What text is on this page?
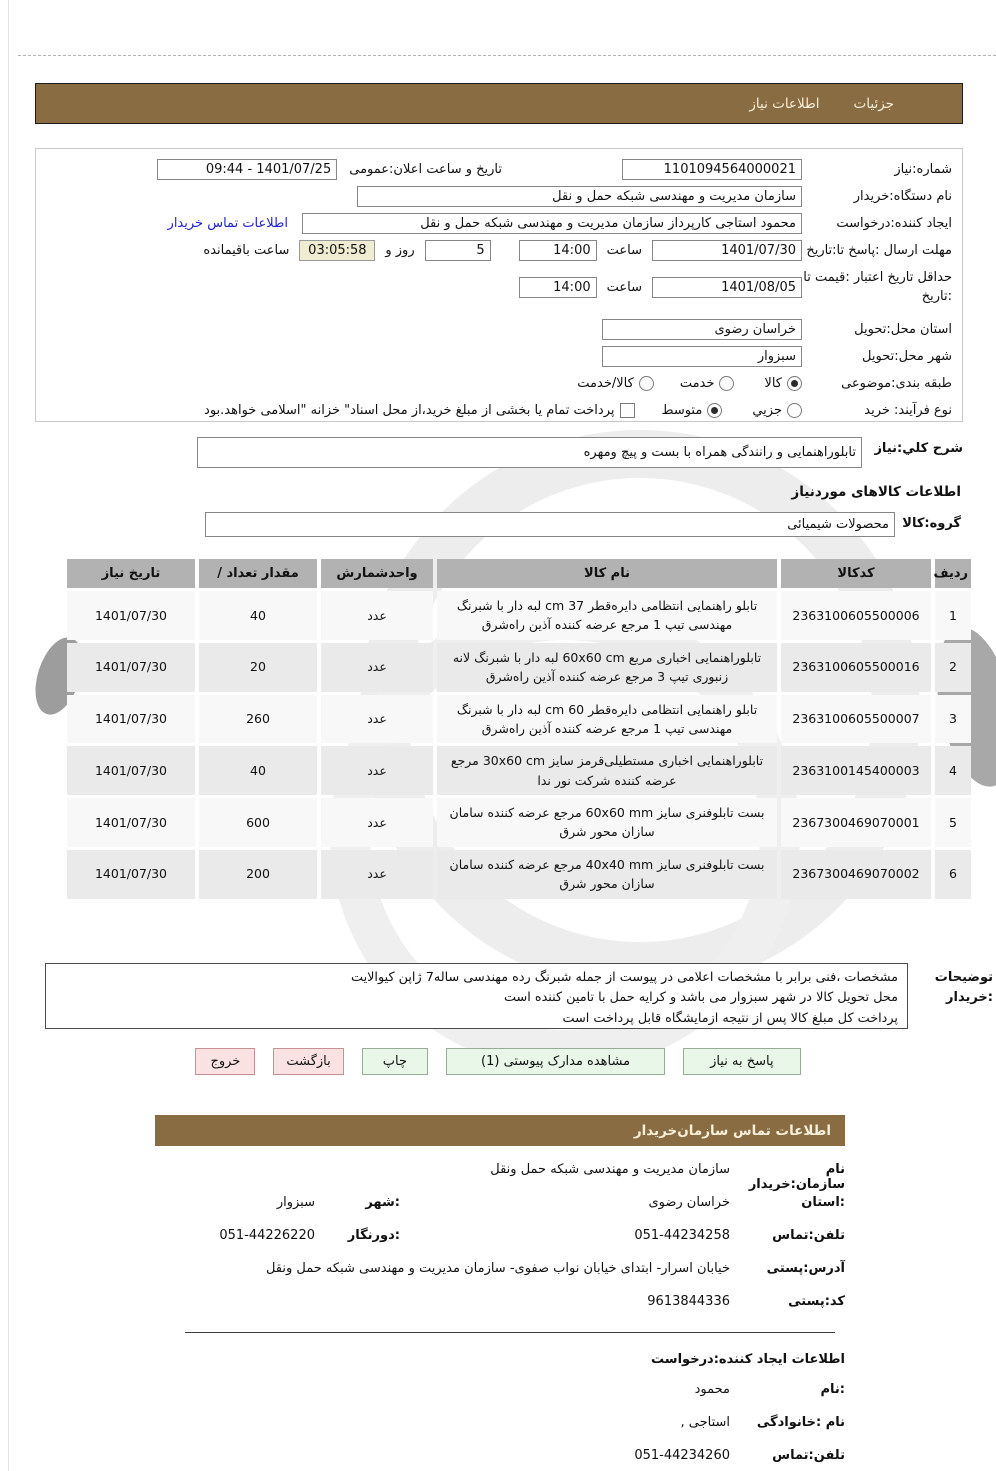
جزئیات
اطلاعات نیاز
شماره:نیاز
1101094564000021
تاریخ و ساعت اعلان:عمومی
1401/07/25 - 09:44
نام دستگاه:خریدار
سازمان مدیریت و مهندسی شبکه حمل و نقل
ایجاد کننده:درخواست
محمود استاجی کارپرداز سازمان مدیریت و مهندسی شبکه حمل و نقل
اطلاعات تماس خریدار
مهلت ارسال :پاسخ تا:تاریخ
1401/07/30
ساعت
14:00
5
روز و
03:05:58
ساعت باقیمانده
حداقل تاریخ اعتبار :قیمت تا
:تاریخ
1401/08/05
ساعت
14:00
استان محل:تحویل
خراسان رضوی
شهر محل:تحویل
سبزوار
طبقه بندی:موضوعی
کالا
خدمت
کالا/خدمت
نوع فرآیند: خرید
جزيي
متوسط
پرداخت تمام یا بخشی از مبلغ خرید،از محل اسناد" خزانه "اسلامی خواهد.بود
شرح کلي:نیاز
تابلوراهنمایی و رانندگی همراه با بست و پیچ ومهره
اطلاعات کالاهای موردنیاز
گروه:کالا
محصولات شیمیائی
ردیف	کدکالا	نام کالا	واحدشمارش	مقدار تعداد /	تاریخ نیاز
1	2363100605500006	تابلو راهنمایی انتظامی دایره‌قطر 37 cm لبه دار با شبرنگ مهندسی تیپ 1 مرجع عرضه کننده آذین راه‌شرق	عدد	40	1401/07/30
2	2363100605500016	تابلوراهنمایی اخباری مربع 60x60 cm لبه دار با شبرنگ لانه زنبوری تیپ 3 مرجع عرضه کننده آذین راه‌شرق	عدد	20	1401/07/30
3	2363100605500007	تابلو راهنمایی انتظامی دایره‌قطر 60 cm لبه دار با شبرنگ مهندسی تیپ 1 مرجع عرضه کننده آذین راه‌شرق	عدد	260	1401/07/30
4	2363100145400003	تابلوراهنمایی اخباری مستطیلی‌قرمز سایز 30x60 cm مرجع عرضه کننده شرکت نور ندا	عدد	40	1401/07/30
5	2367300469070001	بست تابلوفنری سایز 60x60 mm مرجع عرضه کننده سامان سازان محور شرق	عدد	600	1401/07/30
6	2367300469070002	بست تابلوفنری سایز 40x40 mm مرجع عرضه کننده سامان سازان محور شرق	عدد	200	1401/07/30
توضیحات :خریدار
مشخصات ،فنی برابر با مشخصات اعلامی در پیوست از جمله شبرنگ رده مهندسی ساله7 ژاپن کیوالایت
محل تحویل کالا در شهر سبزوار می باشد و کرایه حمل با تامین کننده است
پرداخت کل مبلغ کالا پس از نتیجه ازمایشگاه قابل پرداخت است
پاسخ به نیاز
مشاهده مدارک پیوستی (1)
چاپ
بازگشت
خروج
اطلاعات تماس سازمان‌خریدار
نام سازمان:خریدار
سازمان مدیریت و مهندسی شبکه حمل ونقل
:استان
خراسان رضوی
:شهر
سبزوار
تلفن:تماس
051-44234258
:دورنگار
051-44226220
آدرس:پستی
خیابان اسرار- ابتدای خیابان نواب صفوی- سازمان مدیریت و مهندسی شبکه حمل ونقل
کد:پستی
9613844336
اطلاعات ایجاد کننده:درخواست
:نام
محمود
نام :خانوادگی
استاجی ,
تلفن:تماس
051-44234260
